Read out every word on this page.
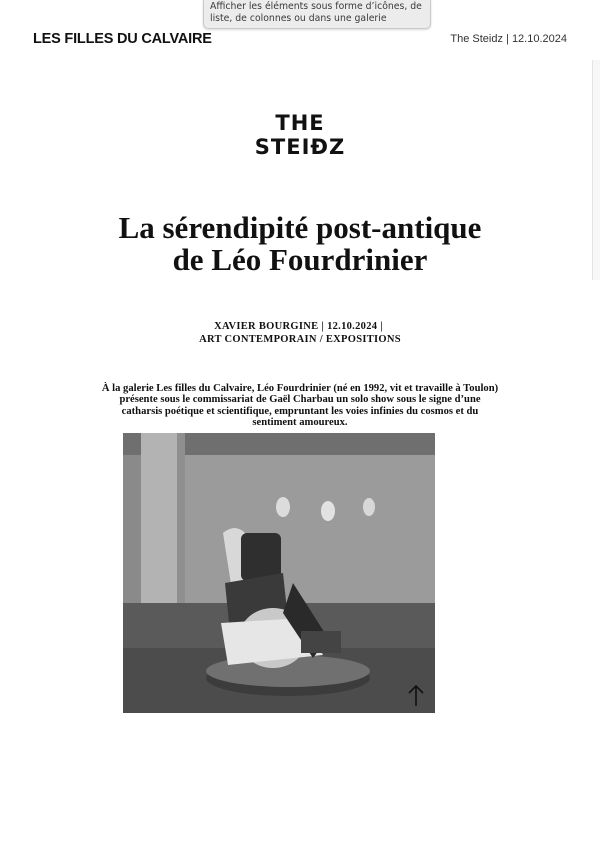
Afficher les éléments sous forme d’icônes, de liste, de colonnes ou dans une galerie
LES FILLES DU CALVAIRE	The Steidz | 12.10.2024
THE
STEIÐZ
La sérendipité post-antique de Léo Fourdrinier
XAVIER BOURGINE | 12.10.2024 |
ART CONTEMPORAIN / EXPOSITIONS

À la galerie Les filles du Calvaire, Léo Fourdrinier (né en 1992, vit et travaille à Toulon) présente sous le commissariat de Gaël Charbau un solo show sous le signe d’une catharsis poétique et scientifique, empruntant les voies infinies du cosmos et du sentiment amoureux.
